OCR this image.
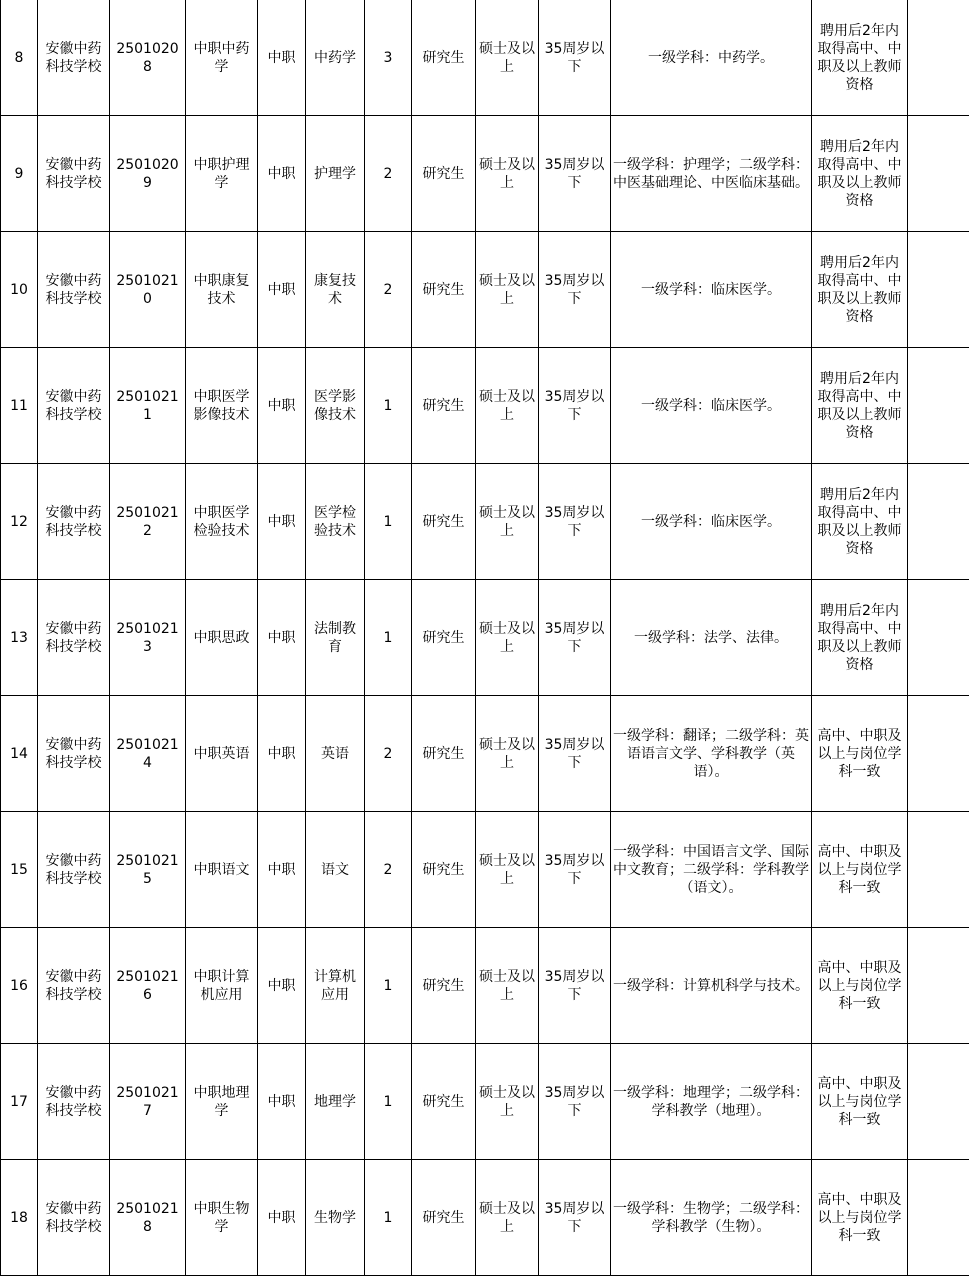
8	安徽中药科技学校	25010208	中职中药学	中职	中药学	3	研究生	硕士及以上	35周岁以下	一级学科：中药学。	聘用后2年内取得高中、中职及以上教师资格	
9	安徽中药科技学校	25010209	中职护理学	中职	护理学	2	研究生	硕士及以上	35周岁以下	一级学科：护理学；二级学科：中医基础理论、中医临床基础。	聘用后2年内取得高中、中职及以上教师资格	
10	安徽中药科技学校	25010210	中职康复技术	中职	康复技术	2	研究生	硕士及以上	35周岁以下	一级学科：临床医学。	聘用后2年内取得高中、中职及以上教师资格	
11	安徽中药科技学校	25010211	中职医学影像技术	中职	医学影像技术	1	研究生	硕士及以上	35周岁以下	一级学科：临床医学。	聘用后2年内取得高中、中职及以上教师资格	
12	安徽中药科技学校	25010212	中职医学检验技术	中职	医学检验技术	1	研究生	硕士及以上	35周岁以下	一级学科：临床医学。	聘用后2年内取得高中、中职及以上教师资格	
13	安徽中药科技学校	25010213	中职思政	中职	法制教育	1	研究生	硕士及以上	35周岁以下	一级学科：法学、法律。	聘用后2年内取得高中、中职及以上教师资格	
14	安徽中药科技学校	25010214	中职英语	中职	英语	2	研究生	硕士及以上	35周岁以下	一级学科：翻译；二级学科：英语语言文学、学科教学（英语）。	高中、中职及以上与岗位学科一致	
15	安徽中药科技学校	25010215	中职语文	中职	语文	2	研究生	硕士及以上	35周岁以下	一级学科：中国语言文学、国际中文教育；二级学科：学科教学（语文）。	高中、中职及以上与岗位学科一致	
16	安徽中药科技学校	25010216	中职计算机应用	中职	计算机应用	1	研究生	硕士及以上	35周岁以下	一级学科：计算机科学与技术。	高中、中职及以上与岗位学科一致	
17	安徽中药科技学校	25010217	中职地理学	中职	地理学	1	研究生	硕士及以上	35周岁以下	一级学科：地理学；二级学科：学科教学（地理）。	高中、中职及以上与岗位学科一致	
18	安徽中药科技学校	25010218	中职生物学	中职	生物学	1	研究生	硕士及以上	35周岁以下	一级学科：生物学；二级学科：学科教学（生物）。	高中、中职及以上与岗位学科一致	
